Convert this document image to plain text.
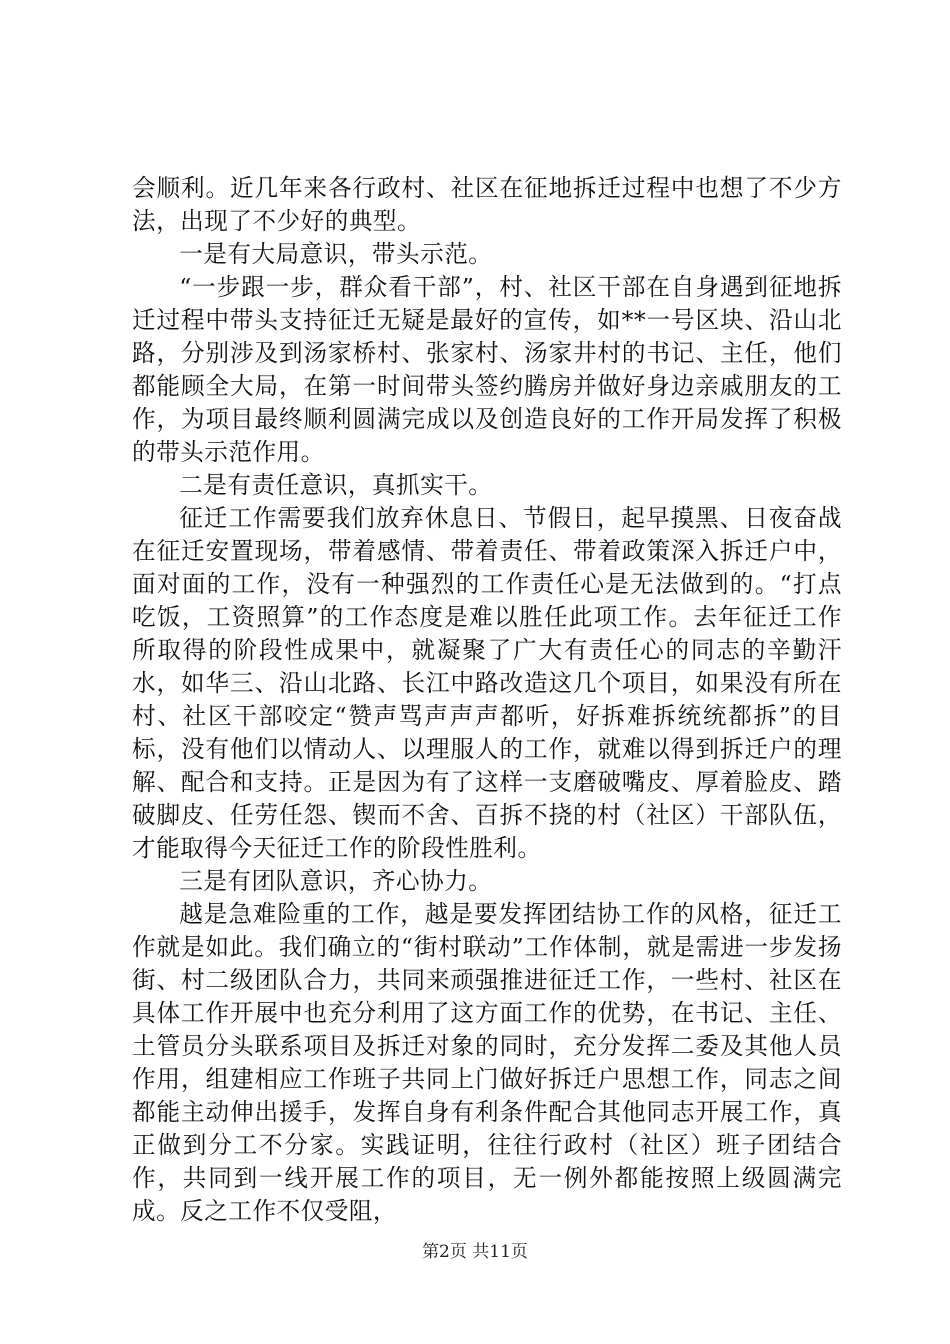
会顺利。近几年来各行政村、社区在征地拆迁过程中也想了不少方法，出现了不少好的典型。

一是有大局意识，带头示范。

“一步跟一步，群众看干部”，村、社区干部在自身遇到征地拆迁过程中带头支持征迁无疑是最好的宣传，如**一号区块、沿山北路，分别涉及到汤家桥村、张家村、汤家井村的书记、主任，他们都能顾全大局，在第一时间带头签约腾房并做好身边亲戚朋友的工作，为项目最终顺利圆满完成以及创造良好的工作开局发挥了积极的带头示范作用。

二是有责任意识，真抓实干。

征迁工作需要我们放弃休息日、节假日，起早摸黑、日夜奋战在征迁安置现场，带着感情、带着责任、带着政策深入拆迁户中，面对面的工作，没有一种强烈的工作责任心是无法做到的。“打点吃饭，工资照算”的工作态度是难以胜任此项工作。去年征迁工作所取得的阶段性成果中，就凝聚了广大有责任心的同志的辛勤汗水，如华三、沿山北路、长江中路改造这几个项目，如果没有所在村、社区干部咬定“赞声骂声声声都听，好拆难拆统统都拆”的目标，没有他们以情动人、以理服人的工作，就难以得到拆迁户的理解、配合和支持。正是因为有了这样一支磨破嘴皮、厚着脸皮、踏破脚皮、任劳任怨、锲而不舍、百拆不挠的村（社区）干部队伍，才能取得今天征迁工作的阶段性胜利。

三是有团队意识，齐心协力。

越是急难险重的工作，越是要发挥团结协工作的风格，征迁工作就是如此。我们确立的“街村联动”工作体制，就是需进一步发扬街、村二级团队合力，共同来顽强推进征迁工作，一些村、社区在具体工作开展中也充分利用了这方面工作的优势，在书记、主任、土管员分头联系项目及拆迁对象的同时，充分发挥二委及其他人员作用，组建相应工作班子共同上门做好拆迁户思想工作，同志之间都能主动伸出援手，发挥自身有利条件配合其他同志开展工作，真正做到分工不分家。实践证明，往往行政村（社区）班子团结合作，共同到一线开展工作的项目，无一例外都能按照上级圆满完成。反之工作不仅受阻，

第2页 共11页
